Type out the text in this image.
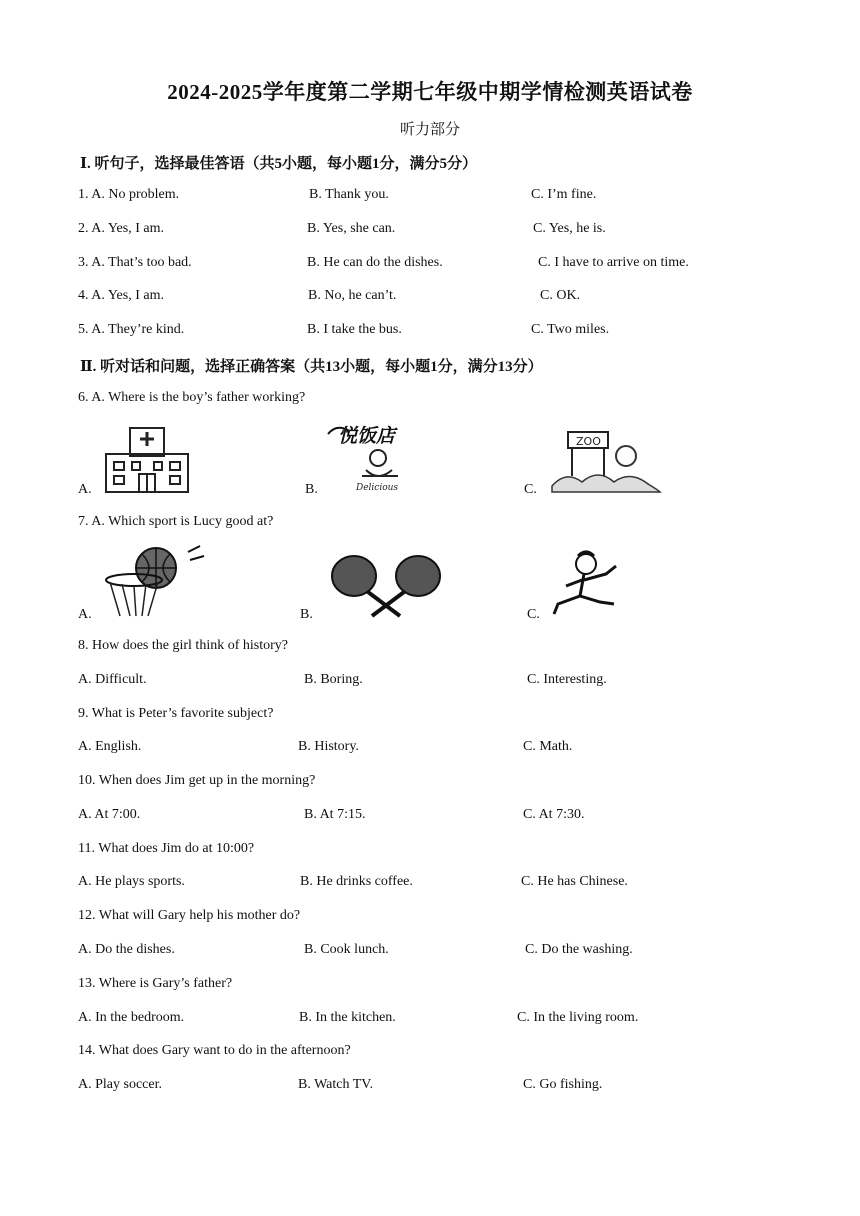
2024-2025学年度第二学期七年级中期学情检测英语试卷
听力部分
Ⅰ. 听句子，选择最佳答语（共5小题，每小题1分，满分5分）
1. A. No problem.	B. Thank you.	C. I’m fine.
2. A. Yes, I am.	B. Yes, she can.	C. Yes, he is.
3. A. That’s too bad.	B. He can do the dishes.	C. I have to arrive on time.
4. A. Yes, I am.	B. No, he can’t.	C. OK.
5. A. They’re kind.	B. I take the bus.	C. Two miles.
Ⅱ. 听对话和问题，选择正确答案（共13小题，每小题1分，满分13分）
6. A. Where is the boy’s father working?
A.	B.
悦饭店
Delicious	C.
ZOO
7. A. Which sport is Lucy good at?
A.	B.	C.
8. How does the girl think of history?
A. Difficult.	B. Boring.	C. Interesting.
9. What is Peter’s favorite subject?
A. English.	B. History.	C. Math.
10. When does Jim get up in the morning?
A. At 7:00.	B. At 7:15.	C. At 7:30.
11. What does Jim do at 10:00?
A. He plays sports.	B. He drinks coffee.	C. He has Chinese.
12. What will Gary help his mother do?
A. Do the dishes.	B. Cook lunch.	C. Do the washing.
13. Where is Gary’s father?
A. In the bedroom.	B. In the kitchen.	C. In the living room.
14. What does Gary want to do in the afternoon?
A. Play soccer.	B. Watch TV.	C. Go fishing.
